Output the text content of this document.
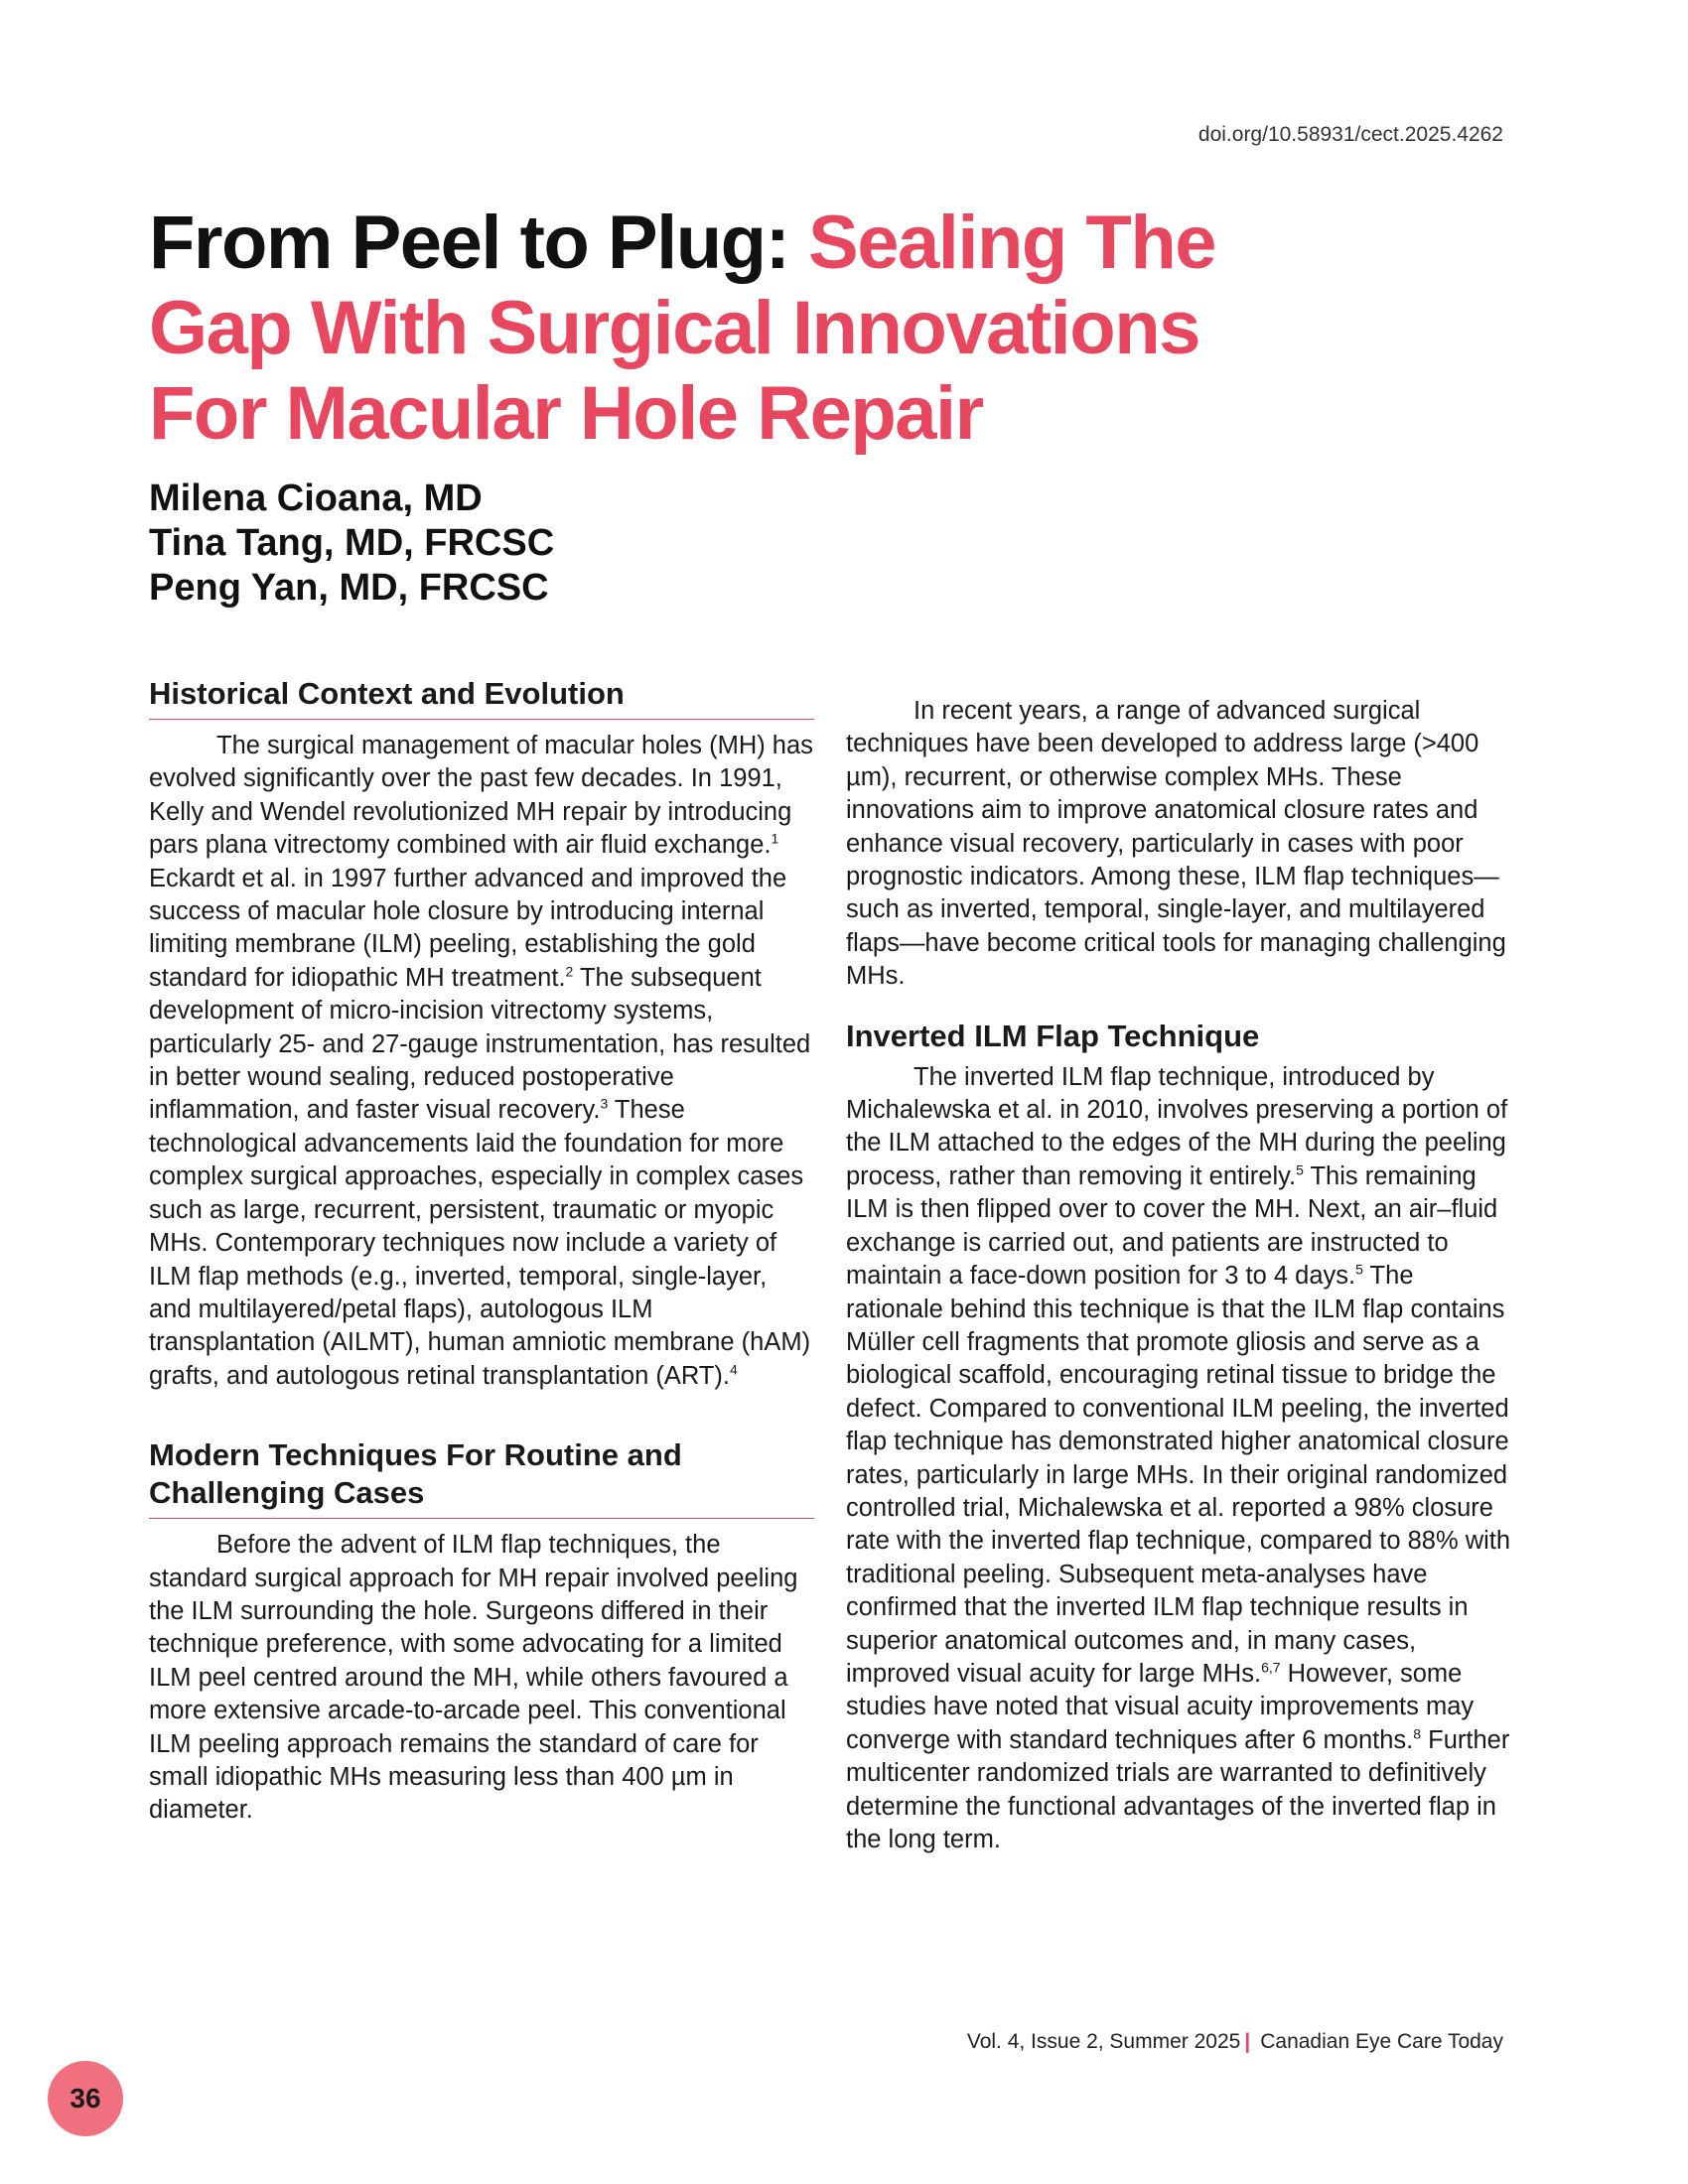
doi.org/10.58931/cect.2025.4262
From Peel to Plug: Sealing The Gap With Surgical Innovations For Macular Hole Repair
Milena Cioana, MD
Tina Tang, MD, FRCSC
Peng Yan, MD, FRCSC
Historical Context and Evolution

The surgical management of macular holes (MH) has evolved significantly over the past few decades. In 1991, Kelly and Wendel revolutionized MH repair by introducing pars plana vitrectomy combined with air fluid exchange.$^1$ Eckardt et al. in 1997 further advanced and improved the success of macular hole closure by introducing internal limiting membrane (ILM) peeling, establishing the gold standard for idiopathic MH treatment.$^2$ The subsequent development of micro-incision vitrectomy systems, particularly 25- and 27-gauge instrumentation, has resulted in better wound sealing, reduced postoperative inflammation, and faster visual recovery.$^3$ These technological advancements laid the foundation for more complex surgical approaches, especially in complex cases such as large, recurrent, persistent, traumatic or myopic MHs. Contemporary techniques now include a variety of ILM flap methods (e.g., inverted, temporal, single-layer, and multilayered/petal flaps), autologous ILM transplantation (AILMT), human amniotic membrane (hAM) grafts, and autologous retinal transplantation (ART).$^4$

Modern Techniques For Routine and Challenging Cases

Before the advent of ILM flap techniques, the standard surgical approach for MH repair involved peeling the ILM surrounding the hole. Surgeons differed in their technique preference, with some advocating for a limited ILM peel centred around the MH, while others favoured a more extensive arcade-to-arcade peel. This conventional ILM peeling approach remains the standard of care for small idiopathic MHs measuring less than 400 µm in diameter.

In recent years, a range of advanced surgical techniques have been developed to address large (>400 µm), recurrent, or otherwise complex MHs. These innovations aim to improve anatomical closure rates and enhance visual recovery, particularly in cases with poor prognostic indicators. Among these, ILM flap techniques—such as inverted, temporal, single-layer, and multilayered flaps—have become critical tools for managing challenging MHs.

Inverted ILM Flap Technique

The inverted ILM flap technique, introduced by Michalewska et al. in 2010, involves preserving a portion of the ILM attached to the edges of the MH during the peeling process, rather than removing it entirely.$^5$ This remaining ILM is then flipped over to cover the MH. Next, an air–fluid exchange is carried out, and patients are instructed to maintain a face-down position for 3 to 4 days.$^5$ The rationale behind this technique is that the ILM flap contains Müller cell fragments that promote gliosis and serve as a biological scaffold, encouraging retinal tissue to bridge the defect. Compared to conventional ILM peeling, the inverted flap technique has demonstrated higher anatomical closure rates, particularly in large MHs. In their original randomized controlled trial, Michalewska et al. reported a 98% closure rate with the inverted flap technique, compared to 88% with traditional peeling. Subsequent meta-analyses have confirmed that the inverted ILM flap technique results in superior anatomical outcomes and, in many cases, improved visual acuity for large MHs.$^{6,7}$ However, some studies have noted that visual acuity improvements may converge with standard techniques after 6 months.$^8$ Further multicenter randomized trials are warranted to definitively determine the functional advantages of the inverted flap in the long term.

Vol. 4, Issue 2, Summer 2025 | Canadian Eye Care Today
36
